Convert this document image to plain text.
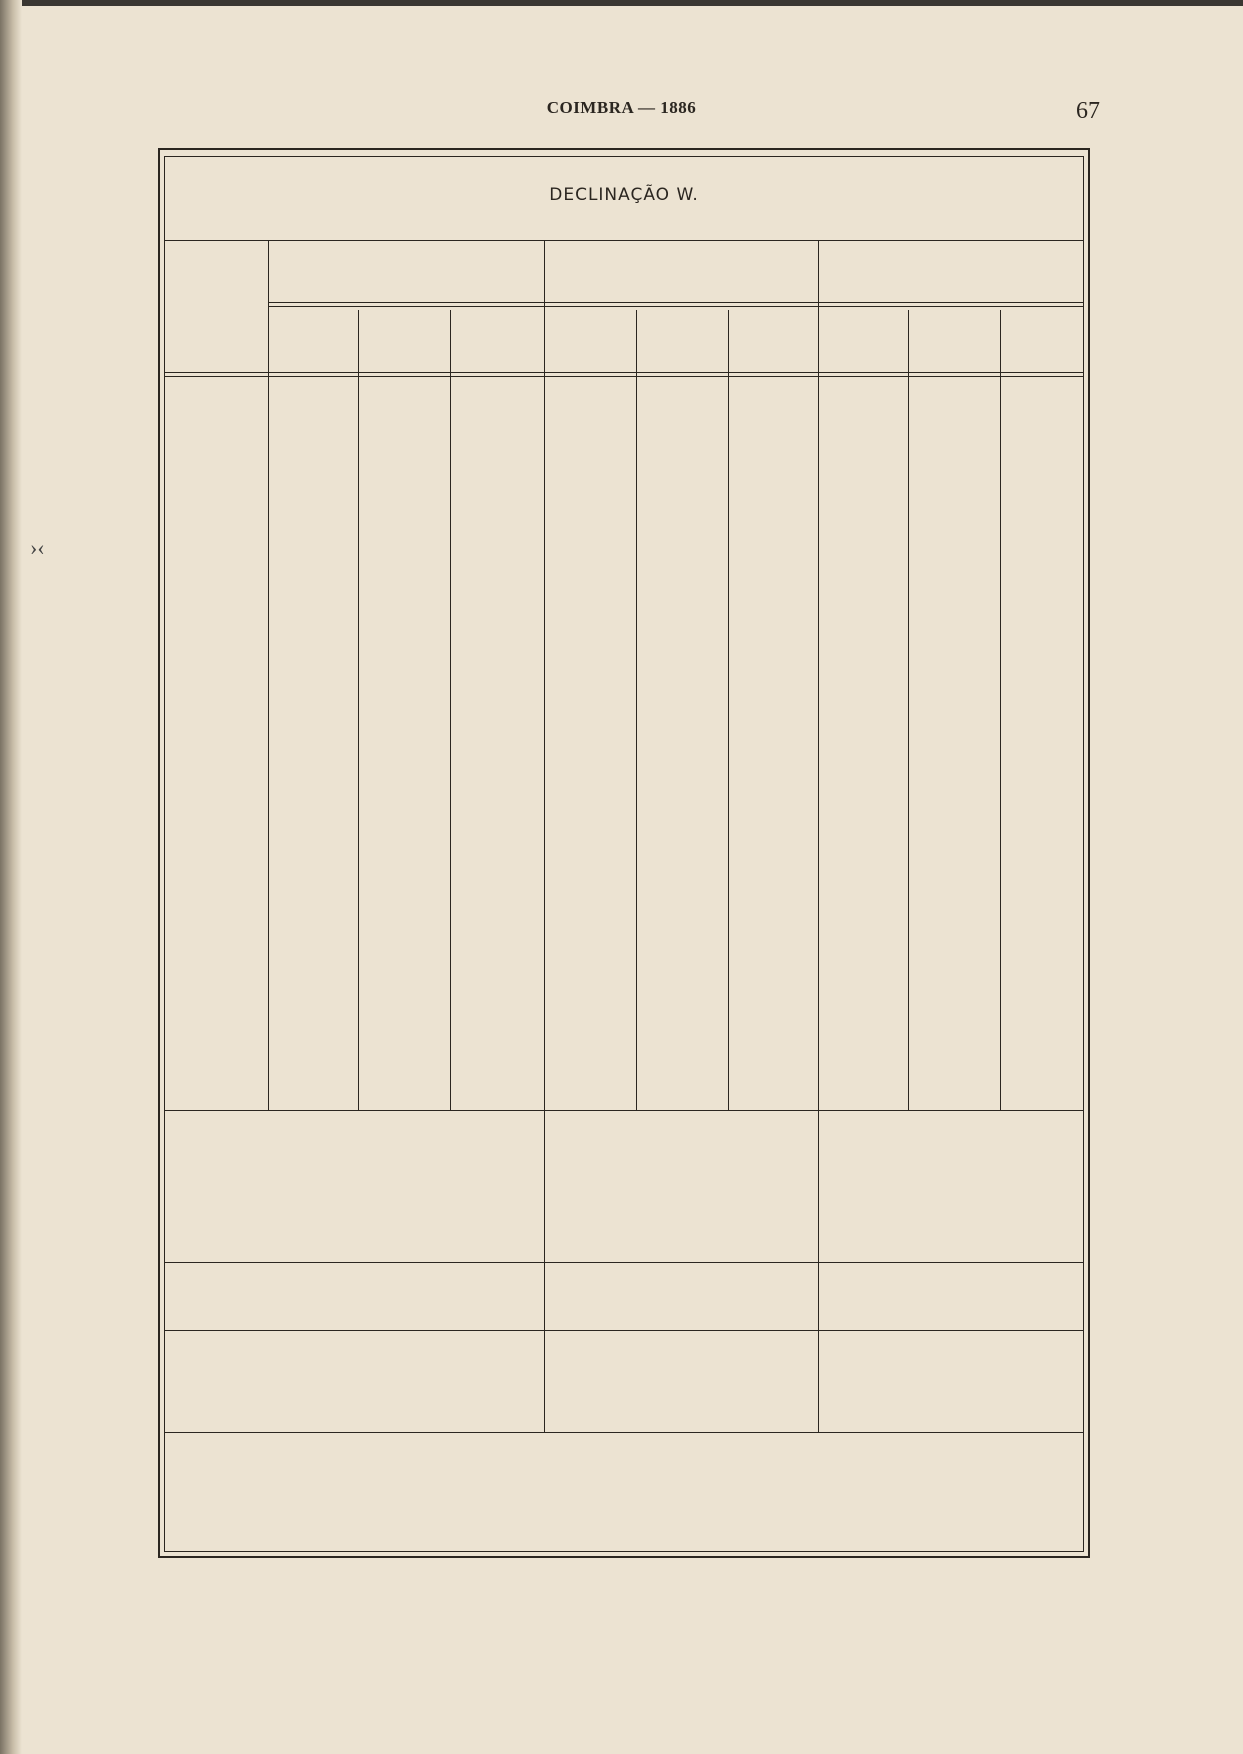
›‹
COIMBRA — 1886	67
DECLINAÇÃO W.
